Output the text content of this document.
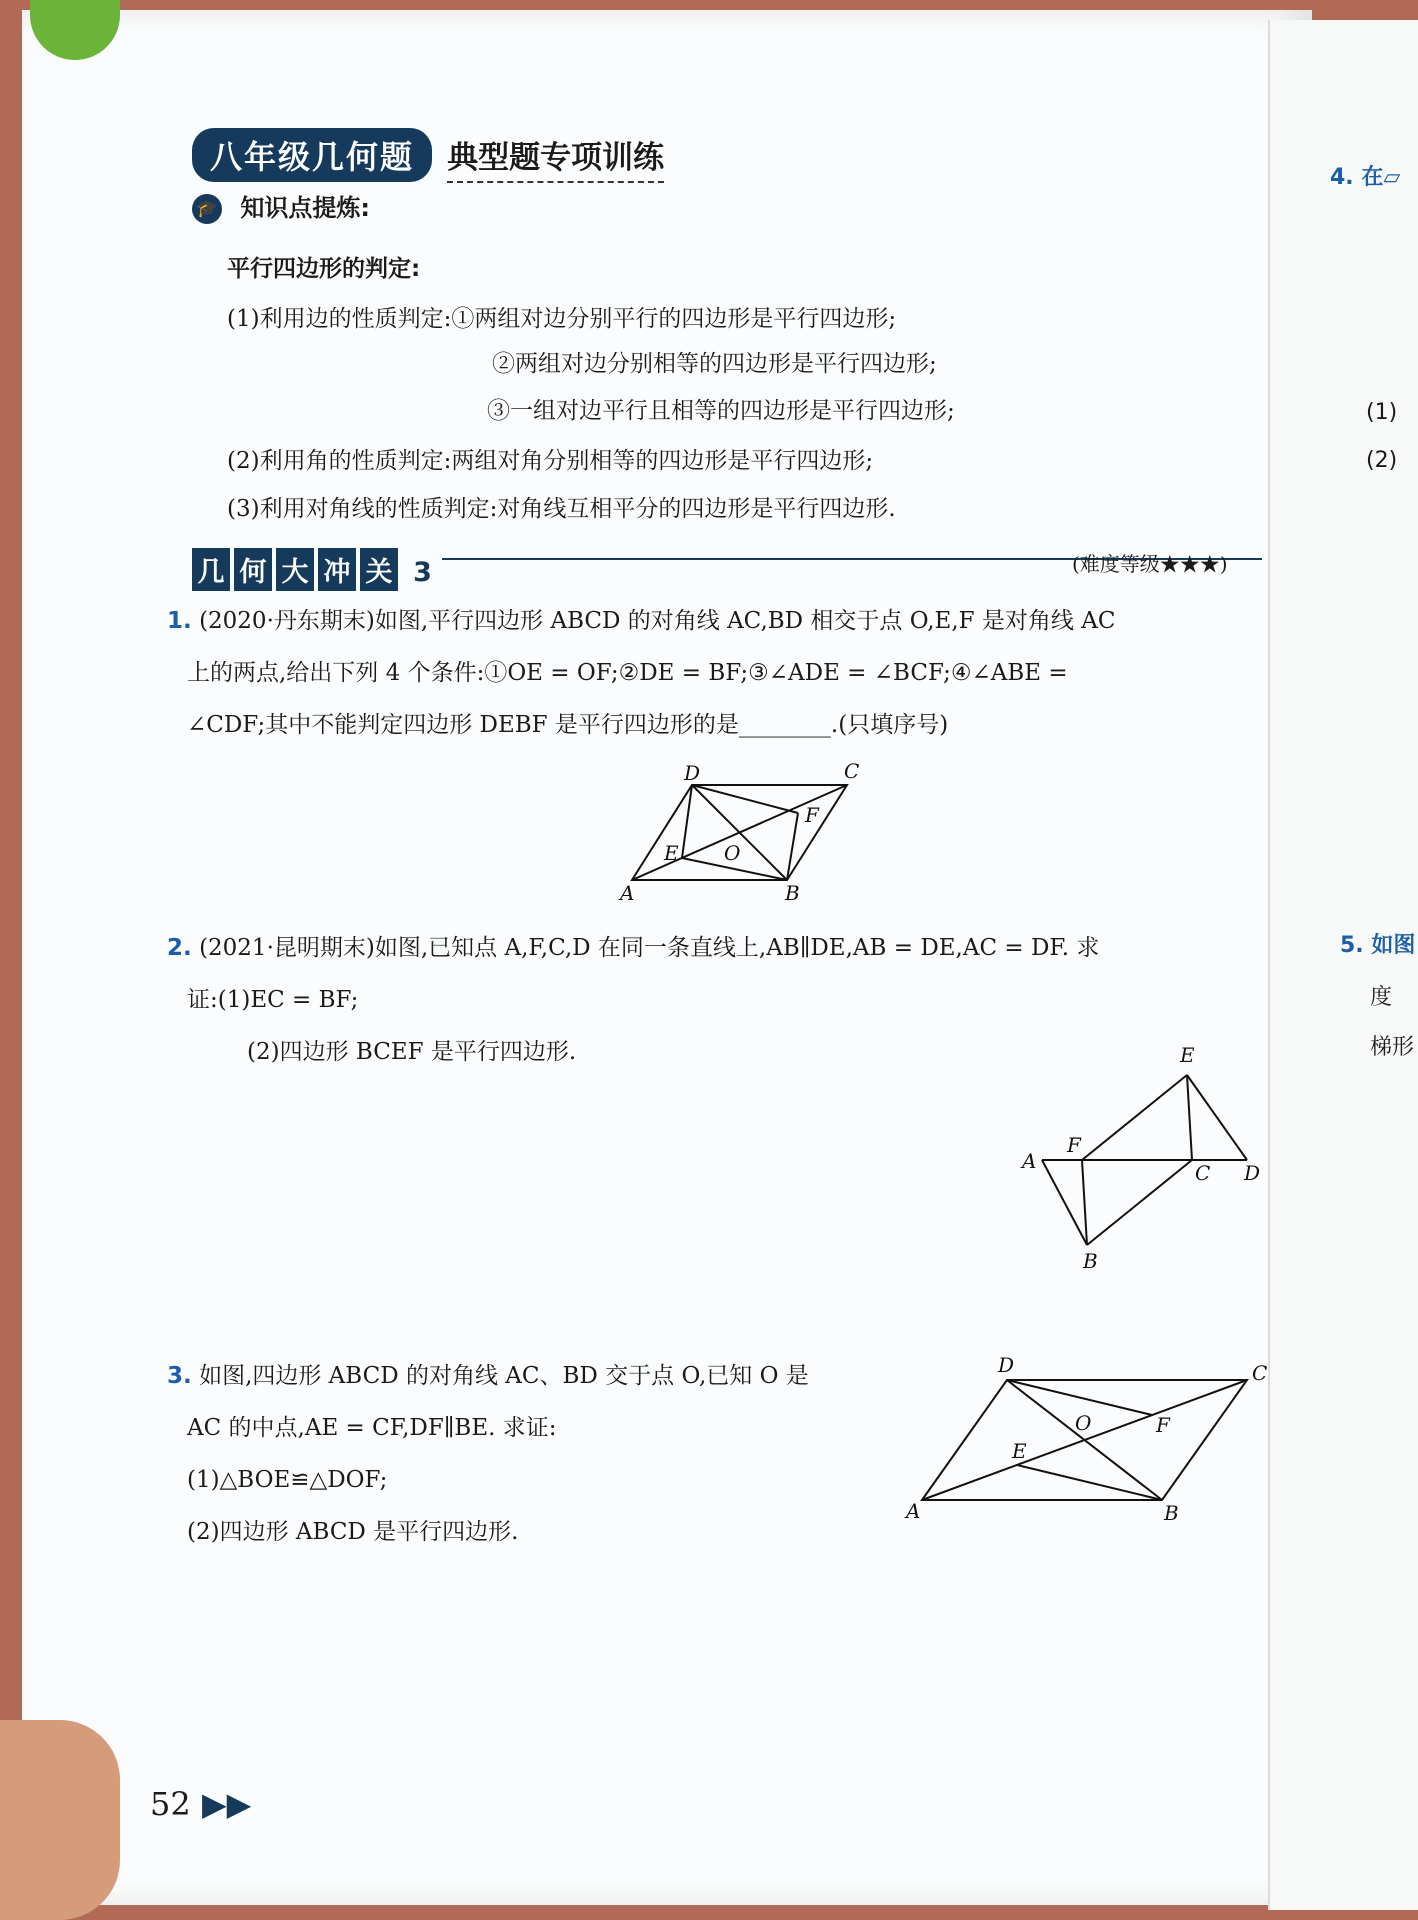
八年级几何题 典型题专项训练
🎓 知识点提炼:
平行四边形的判定:
(1)利用边的性质判定:①两组对边分别平行的四边形是平行四边形;
②两组对边分别相等的四边形是平行四边形;
③一组对边平行且相等的四边形是平行四边形;
(2)利用角的性质判定:两组对角分别相等的四边形是平行四边形;
(3)利用对角线的性质判定:对角线互相平分的四边形是平行四边形.
几 何 大 冲 关 3	(难度等级★★★)
1. (2020·丹东期末)如图,平行四边形 ABCD 的对角线 AC,BD 相交于点 O,E,F 是对角线 AC
上的两点,给出下列 4 个条件:①OE = OF;②DE = BF;③∠ADE = ∠BCF;④∠ABE =
∠CDF;其中不能判定四边形 DEBF 是平行四边形的是________.(只填序号)
D	C
F
E O
A	B
2. (2021·昆明期末)如图,已知点 A,F,C,D 在同一条直线上,AB∥DE,AB = DE,AC = DF. 求
证:(1)EC = BF;
(2)四边形 BCEF 是平行四边形.	E
F
A	C D
B
3. 如图,四边形 ABCD 的对角线 AC、BD 交于点 O,已知 O 是
AC 的中点,AE = CF,DF∥BE. 求证:
(1)△BOE≌△DOF;
(2)四边形 ABCD 是平行四边形.
D	C
O	F
E
A	B
52 ▶▶
4. 在▱
(1)
(2)
5. 如图
度
梯形
